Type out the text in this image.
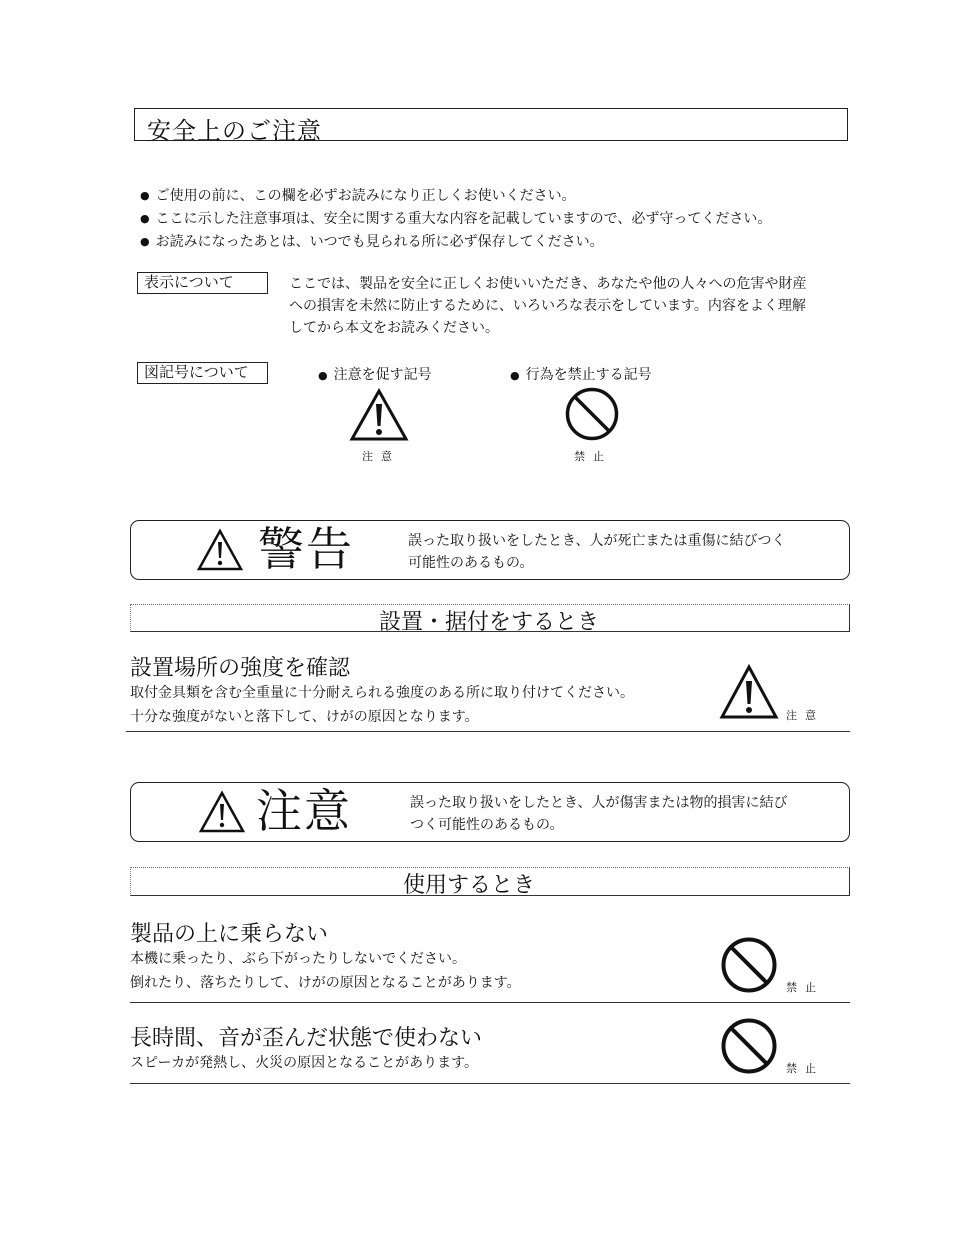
安全上のご注意
● ご使用の前に、この欄を必ずお読みになり正しくお使いください。
● ここに示した注意事項は、安全に関する重大な内容を記載していますので、必ず守ってください。
● お読みになったあとは、いつでも見られる所に必ず保存してください。
表示について	ここでは、製品を安全に正しくお使いいただき、あなたや他の人々への危害や財産
への損害を未然に防止するために、いろいろな表示をしています。内容をよく理解
してから本文をお読みください。
図記号について	● 注意を促す記号	● 行為を禁止する記号
注意	禁止
警告	誤った取り扱いをしたとき、人が死亡または重傷に結びつく
可能性のあるもの。
設置・据付をするとき
設置場所の強度を確認
取付金具類を含む全重量に十分耐えられる強度のある所に取り付けてください。
十分な強度がないと落下して、けがの原因となります。	注意
注意	誤った取り扱いをしたとき、人が傷害または物的損害に結び
つく可能性のあるもの。
使用するとき
製品の上に乗らない
本機に乗ったり、ぶら下がったりしないでください。
倒れたり、落ちたりして、けがの原因となることがあります。	禁止
長時間、音が歪んだ状態で使わない
スピーカが発熱し、火災の原因となることがあります。	禁止
